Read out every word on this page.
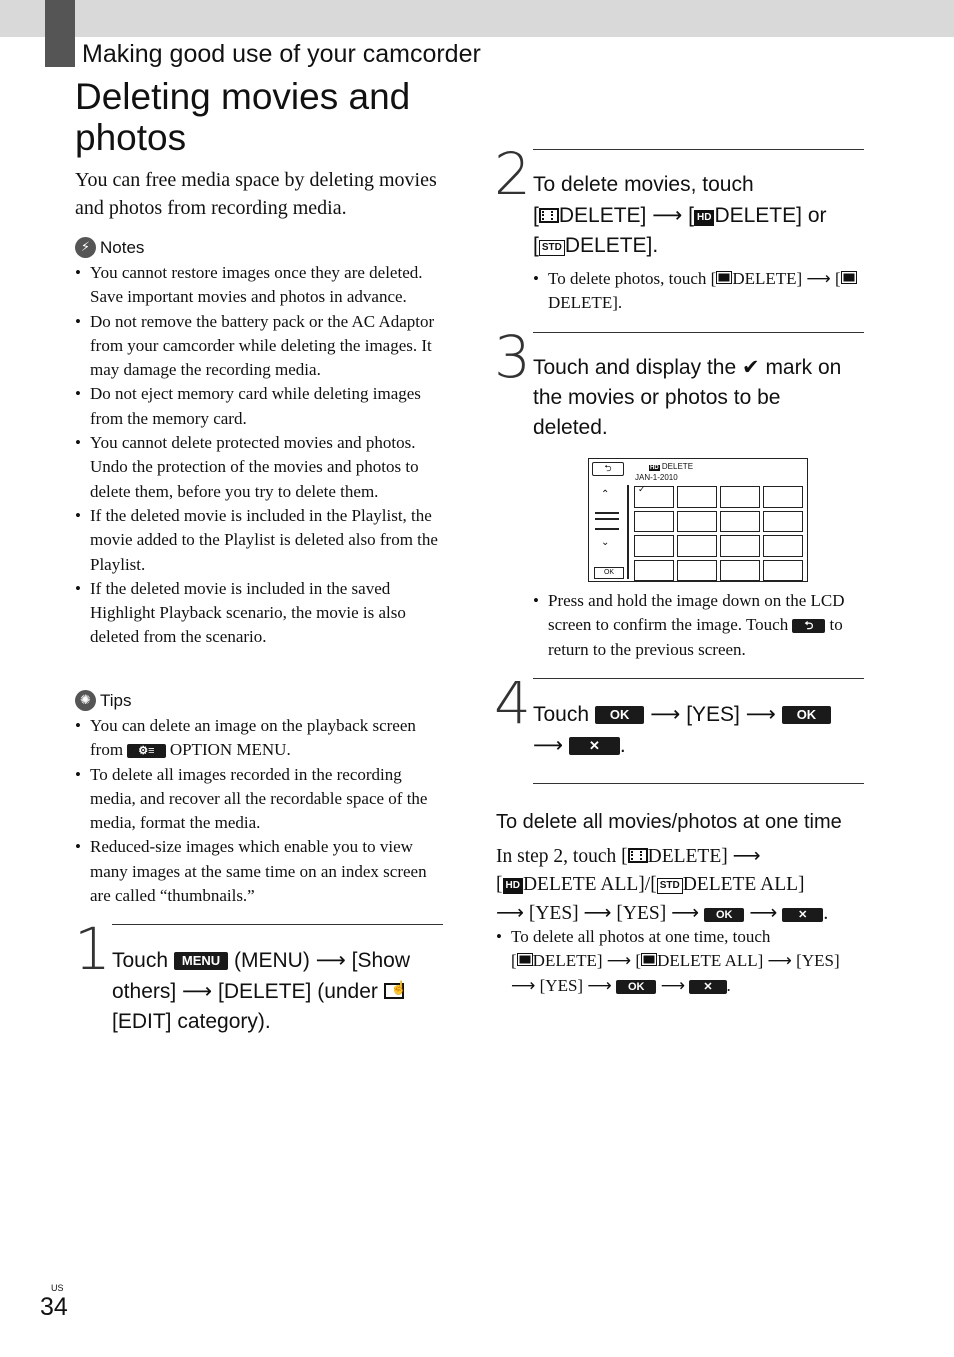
Making good use of your camcorder
Deleting movies and photos
You can free media space by deleting movies and photos from recording media.
⚡ Notes
• You cannot restore images once they are deleted. Save important movies and photos in advance.
• Do not remove the battery pack or the AC Adaptor from your camcorder while deleting the images. It may damage the recording media.
• Do not eject memory card while deleting images from the memory card.
• You cannot delete protected movies and photos. Undo the protection of the movies and photos to delete them, before you try to delete them.
• If the deleted movie is included in the Playlist, the movie added to the Playlist is deleted also from the Playlist.
• If the deleted movie is included in the saved Highlight Playback scenario, the movie is also deleted from the scenario.
✺ Tips
• You can delete an image on the playback screen from ⚙≡ OPTION MENU.
• To delete all images recorded in the recording media, and recover all the recordable space of the media, format the media.
• Reduced-size images which enable you to view many images at the same time on an index screen are called “thumbnails.”
1 Touch MENU (MENU) ⟶ [Show others] ⟶ [DELETE] (under ☝
[EDIT] category).
2 To delete movies, touch
[ DELETE] ⟶ [ HD DELETE] or
[ STD DELETE].
• To delete photos, touch [ DELETE] ⟶ [DELETE].
3 Touch and display the ✔ mark on the movies or photos to be deleted.
⮌	HD DELETE
JAN-1-2010
⌃
⌄
OK
✓
• Press and hold the image down on the LCD screen to confirm the image. Touch ⮌ to return to the previous screen.
4 Touch OK ⟶ [YES] ⟶ OK
⟶ ✕ .
To delete all movies/photos at one time
In step 2, touch [ DELETE] ⟶
[ HD DELETE ALL]/[ STD DELETE ALL]
⟶ [YES] ⟶ [YES] ⟶ OK ⟶ ✕ .
• To delete all photos at one time, touch
[ DELETE] ⟶ [ DELETE ALL] ⟶ [YES]
⟶ [YES] ⟶ OK ⟶ ✕ .
US
34
